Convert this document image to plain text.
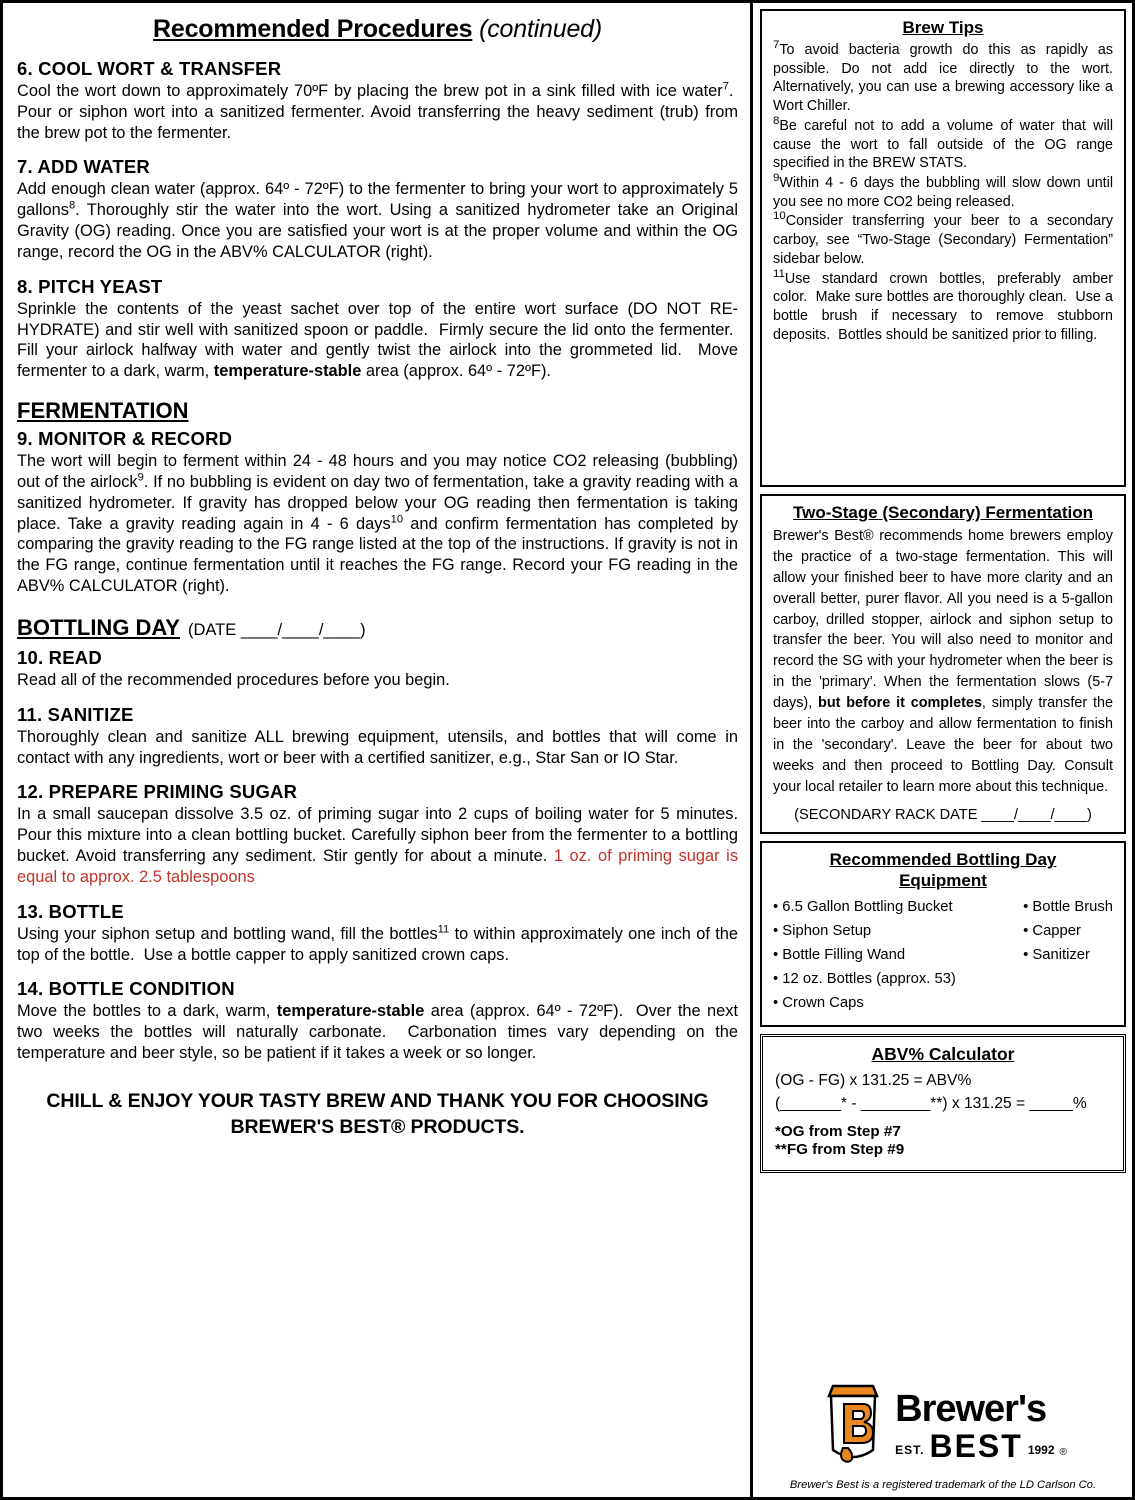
Recommended Procedures (continued)
6. COOL WORT & TRANSFER
Cool the wort down to approximately 70ºF by placing the brew pot in a sink filled with ice water$^7$.  Pour or siphon wort into a sanitized fermenter. Avoid transferring the heavy sediment (trub) from the brew pot to the fermenter.
7. ADD WATER
Add enough clean water (approx. 64º - 72ºF) to the fermenter to bring your wort to approximately 5 gallons$^8$. Thoroughly stir the water into the wort. Using a sanitized hydrometer take an Original Gravity (OG) reading. Once you are satisfied your wort is at the proper volume and within the OG range, record the OG in the ABV% CALCULATOR (right).
8. PITCH YEAST
Sprinkle the contents of the yeast sachet over top of the entire wort surface (DO NOT RE-HYDRATE) and stir well with sanitized spoon or paddle.  Firmly secure the lid onto the fermenter.  Fill your airlock halfway with water and gently twist the airlock into the grommeted lid.  Move fermenter to a dark, warm, temperature-stable area (approx. 64º - 72ºF).
FERMENTATION
9. MONITOR & RECORD
The wort will begin to ferment within 24 - 48 hours and you may notice CO2 releasing (bubbling) out of the airlock$^9$. If no bubbling is evident on day two of fermentation, take a gravity reading with a sanitized hydrometer. If gravity has dropped below your OG reading then fermentation is taking place. Take a gravity reading again in 4 - 6 days$^{10}$ and confirm fermentation has completed by comparing the gravity reading to the FG range listed at the top of the instructions. If gravity is not in the FG range, continue fermentation until it reaches the FG range. Record your FG reading in the ABV% CALCULATOR (right).
BOTTLING DAY (DATE ____/____/____)
10. READ
Read all of the recommended procedures before you begin.
11. SANITIZE
Thoroughly clean and sanitize ALL brewing equipment, utensils, and bottles that will come in contact with any ingredients, wort or beer with a certified sanitizer, e.g., Star San or IO Star.
12. PREPARE PRIMING SUGAR
In a small saucepan dissolve 3.5 oz. of priming sugar into 2 cups of boiling water for 5 minutes. Pour this mixture into a clean bottling bucket. Carefully siphon beer from the fermenter to a bottling bucket. Avoid transferring any sediment. Stir gently for about a minute. 1 oz. of priming sugar is equal to approx. 2.5 tablespoons
13. BOTTLE
Using your siphon setup and bottling wand, fill the bottles$^{11}$ to within approximately one inch of the top of the bottle.  Use a bottle capper to apply sanitized crown caps.
14. BOTTLE CONDITION
Move the bottles to a dark, warm, temperature-stable area (approx. 64º - 72ºF).  Over the next two weeks the bottles will naturally carbonate.  Carbonation times vary depending on the temperature and beer style, so be patient if it takes a week or so longer.
CHILL & ENJOY YOUR TASTY BREW AND THANK YOU FOR CHOOSING BREWER'S BEST® PRODUCTS.
Brew Tips
$^7$To avoid bacteria growth do this as rapidly as possible. Do not add ice directly to the wort. Alternatively, you can use a brewing accessory like a Wort Chiller.
$^8$Be careful not to add a volume of water that will cause the wort to fall outside of the OG range specified in the BREW STATS.
$^9$Within 4 - 6 days the bubbling will slow down until you see no more CO2 being released.
$^{10}$Consider transferring your beer to a secondary carboy, see “Two-Stage (Secondary) Fermentation” sidebar below.
$^{11}$Use standard crown bottles, preferably amber color.  Make sure bottles are thoroughly clean.  Use a bottle brush if necessary to remove stubborn deposits.  Bottles should be sanitized prior to filling.
Two-Stage (Secondary) Fermentation
Brewer's Best® recommends home brewers employ the practice of a two-stage fermentation. This will allow your finished beer to have more clarity and an overall better, purer flavor. All you need is a 5-gallon carboy, drilled stopper, airlock and siphon setup to transfer the beer. You will also need to monitor and record the SG with your hydrometer when the beer is in the 'primary'. When the fermentation slows (5-7 days), but before it completes, simply transfer the beer into the carboy and allow fermentation to finish in the 'secondary'. Leave the beer for about two weeks and then proceed to Bottling Day. Consult your local retailer to learn more about this technique.
(SECONDARY RACK DATE ____/____/____)
Recommended Bottling Day
Equipment
• 6.5 Gallon Bottling Bucket
• Siphon Setup
• Bottle Filling Wand
• 12 oz. Bottles (approx. 53)
• Crown Caps
• Bottle Brush
• Capper
• Sanitizer
ABV% Calculator
(OG - FG) x 131.25 = ABV%
(_______* - ________**) x 131.25 = _____%
*OG from Step #7
**FG from Step #9
Brewer's
EST. BEST 1992 ®
Brewer's Best is a registered trademark of the LD Carlson Co.
